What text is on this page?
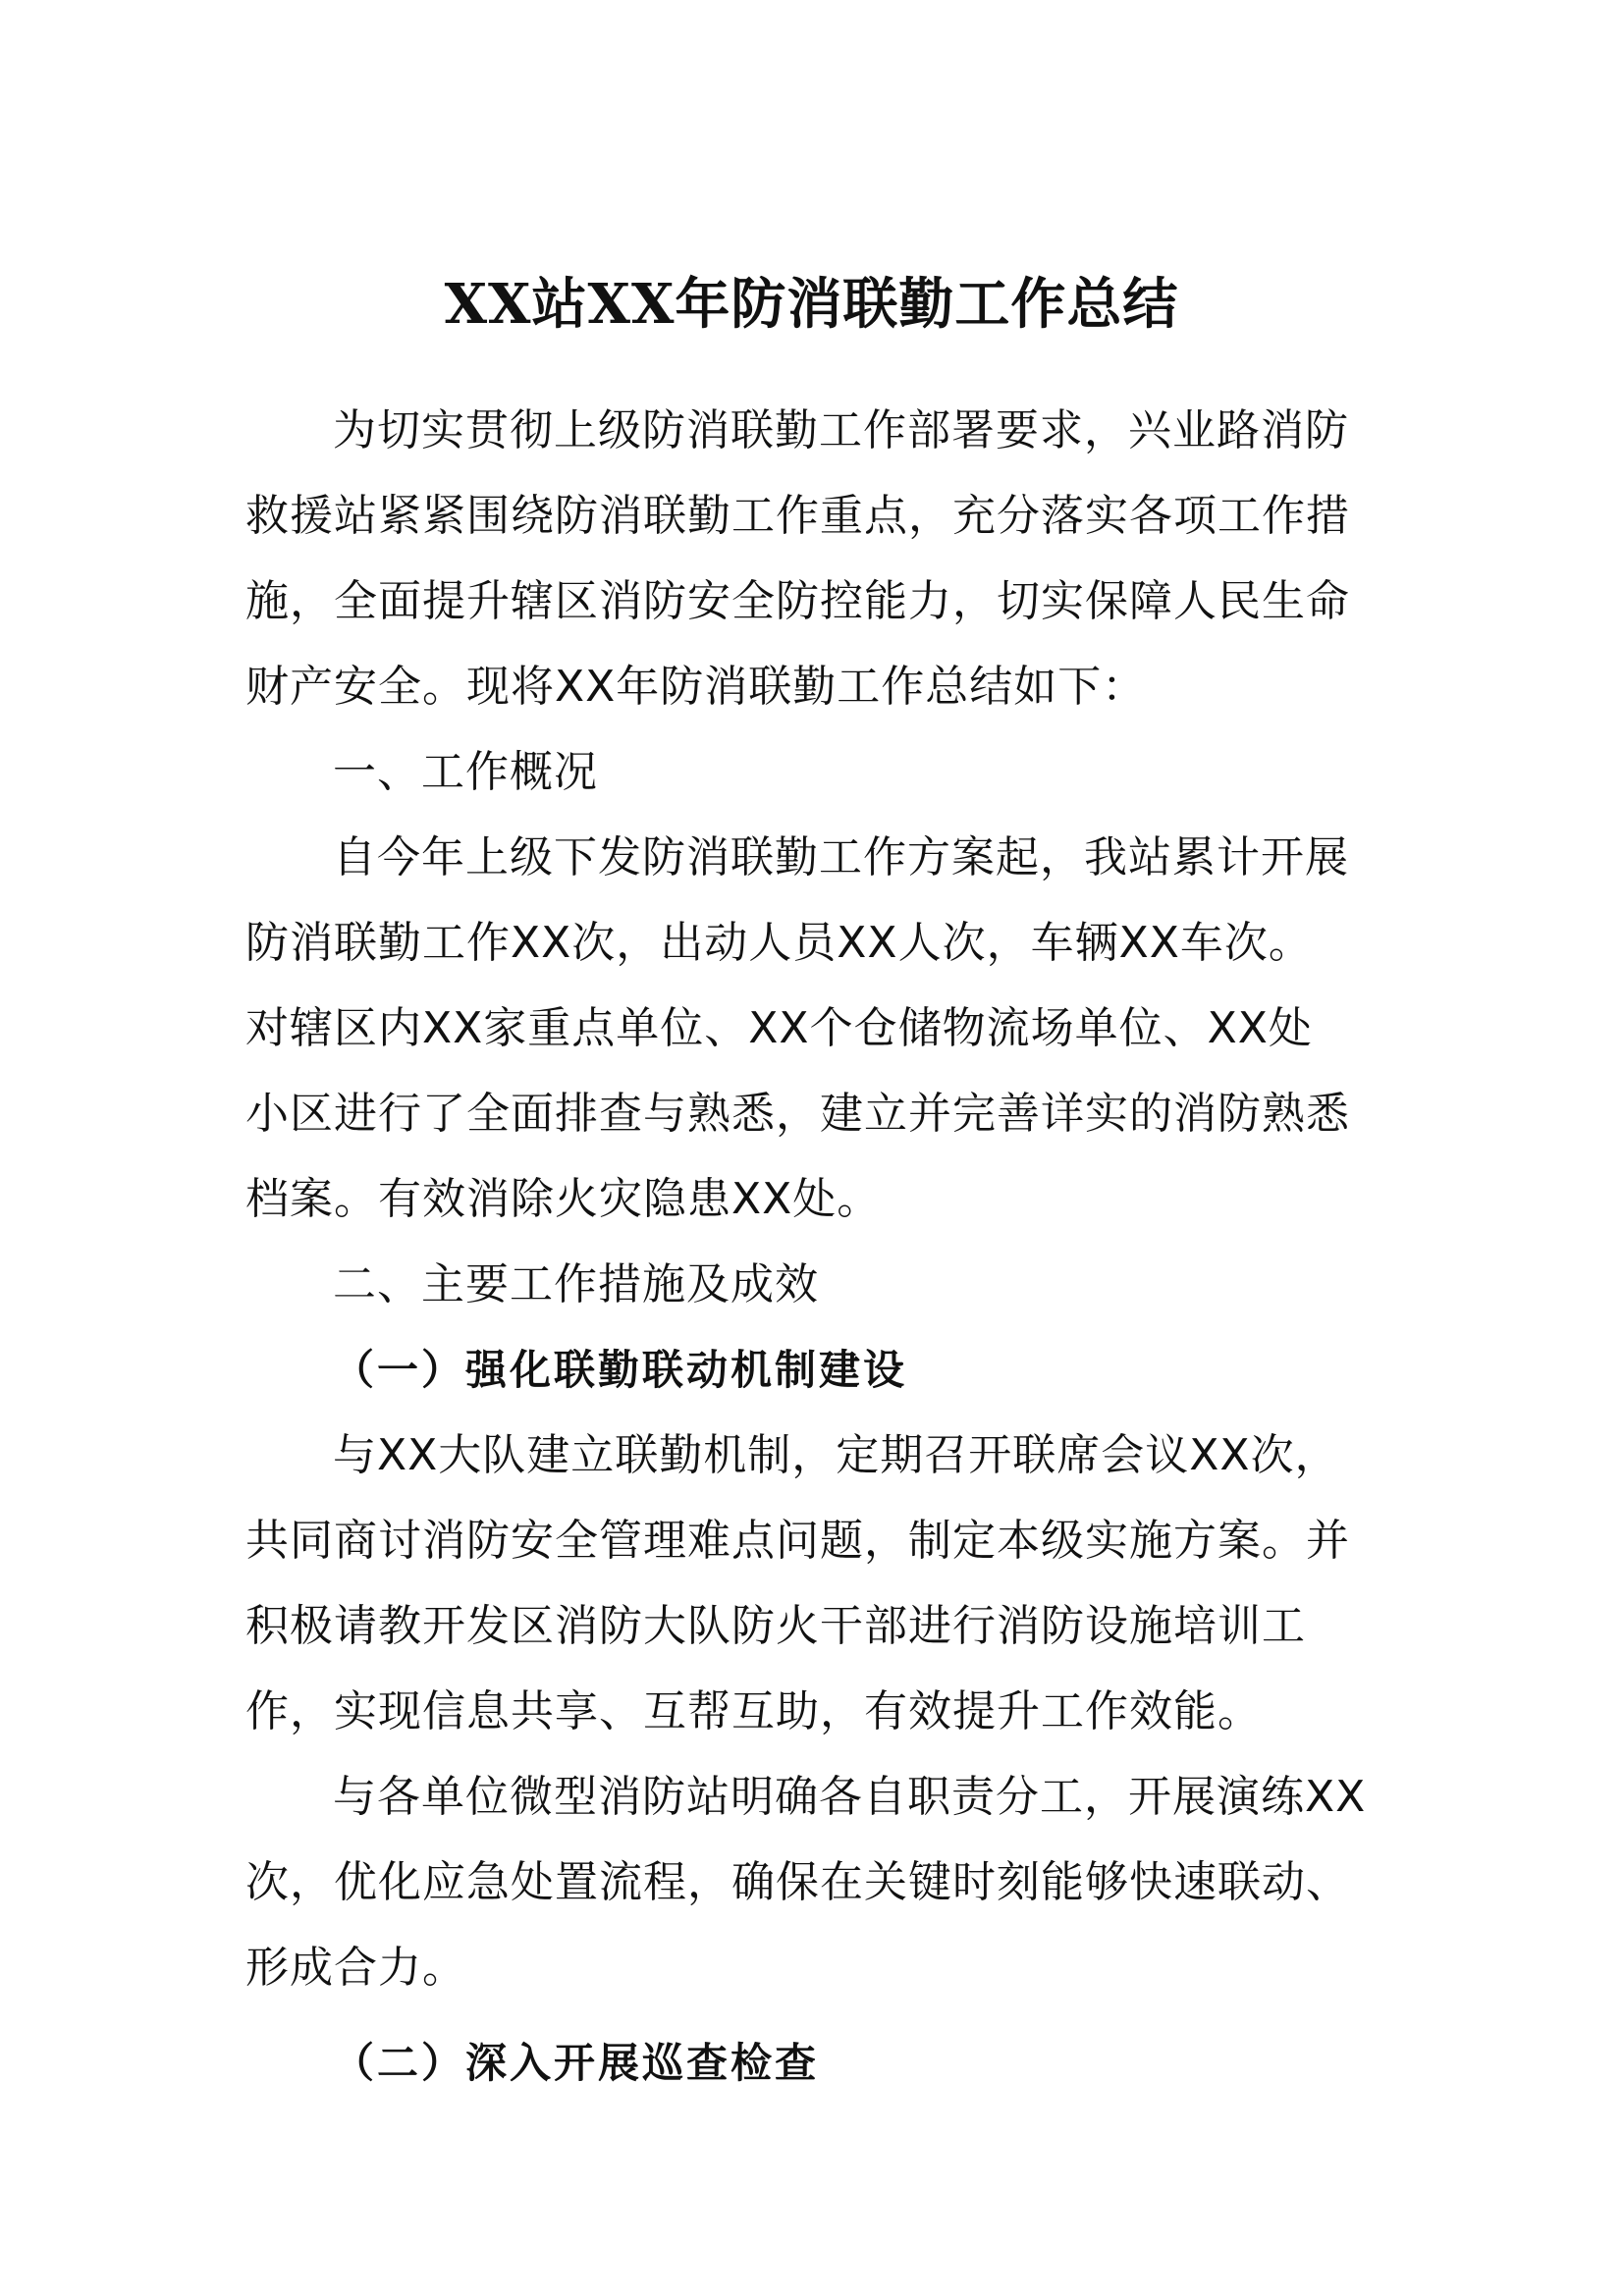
XX站XX年防消联勤工作总结
为切实贯彻上级防消联勤工作部署要求，兴业路消防
救援站紧紧围绕防消联勤工作重点，充分落实各项工作措
施，全面提升辖区消防安全防控能力，切实保障人民生命
财产安全。现将XX年防消联勤工作总结如下：
一、工作概况
自今年上级下发防消联勤工作方案起，我站累计开展
防消联勤工作XX次，出动人员XX人次，车辆XX车次。
对辖区内XX家重点单位、XX个仓储物流场单位、XX处
小区进行了全面排查与熟悉，建立并完善详实的消防熟悉
档案。有效消除火灾隐患XX处。
二、主要工作措施及成效
（一）强化联勤联动机制建设
与XX大队建立联勤机制，定期召开联席会议XX次，
共同商讨消防安全管理难点问题，制定本级实施方案。并
积极请教开发区消防大队防火干部进行消防设施培训工
作，实现信息共享、互帮互助，有效提升工作效能。
与各单位微型消防站明确各自职责分工，开展演练XX
次，优化应急处置流程，确保在关键时刻能够快速联动、
形成合力。
（二）深入开展巡查检查
